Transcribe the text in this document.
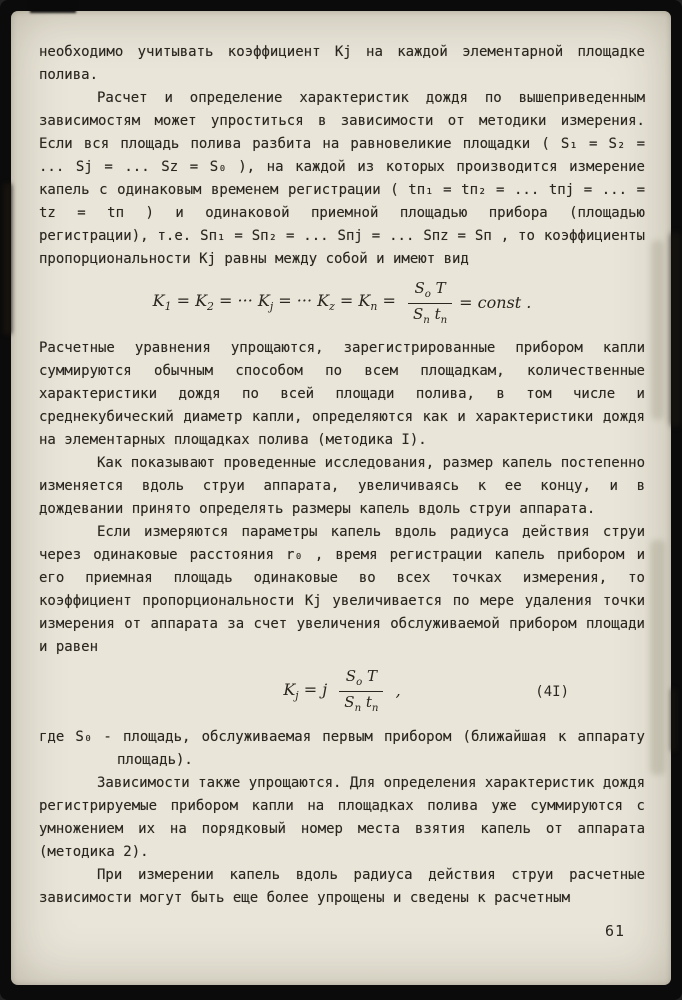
необходимо учитывать коэффициент Kj на каждой элементарной площадке полива.

Расчет и определение характеристик дождя по вышеприведенным зависимостям может упроститься в зависимости от методики измерения. Если вся площадь полива разбита на равновеликие площадки ( S₁ = S₂ = ... Sj = ... Sz = S₀ ), на каждой из которых производится измерение капель с одинаковым временем регистрации ( tп₁ = tп₂ = ... tпj = ... = tz = tп ) и одинаковой приемной площадью прибора (площадью регистрации), т.е. Sп₁ = Sп₂ = ... Sпj = ... Sпz = Sп , то коэффициенты пропорциональности Kj равны между собой и имеют вид

$K_1 = K_2$ = ··· $K_j$ = ··· $K_z = K_п = \frac{S_o T}{S_п t_п}$ = const .

Расчетные уравнения упрощаются, зарегистрированные прибором капли суммируются обычным способом по всем площадкам, количественные характеристики дождя по всей площади полива, в том числе и среднекубический диаметр капли, определяются как и характеристики дождя на элементарных площадках полива (методика I).

Как показывают проведенные исследования, размер капель постепенно изменяется вдоль струи аппарата, увеличиваясь к ее концу, и в дождевании принято определять размеры капель вдоль струи аппарата.

Если измеряются параметры капель вдоль радиуса действия струи через одинаковые расстояния r₀ , время регистрации капель прибором и его приемная площадь одинаковые во всех точках измерения, то коэффициент пропорциональности Kj увеличивается по мере удаления точки измерения от аппарата за счет увеличения обслуживаемой прибором площади и равен

$K_j = j \frac{S_o T}{S_п t_п}$ ,	(4I)

где S₀ - площадь, обслуживаемая первым прибором (ближайшая к аппарату площадь).

Зависимости также упрощаются. Для определения характеристик дождя регистрируемые прибором капли на площадках полива уже суммируются с умножением их на порядковый номер места взятия капель от аппарата (методика 2).

При измерении капель вдоль радиуса действия струи расчетные зависимости могут быть еще более упрощены и сведены к расчетным

61
